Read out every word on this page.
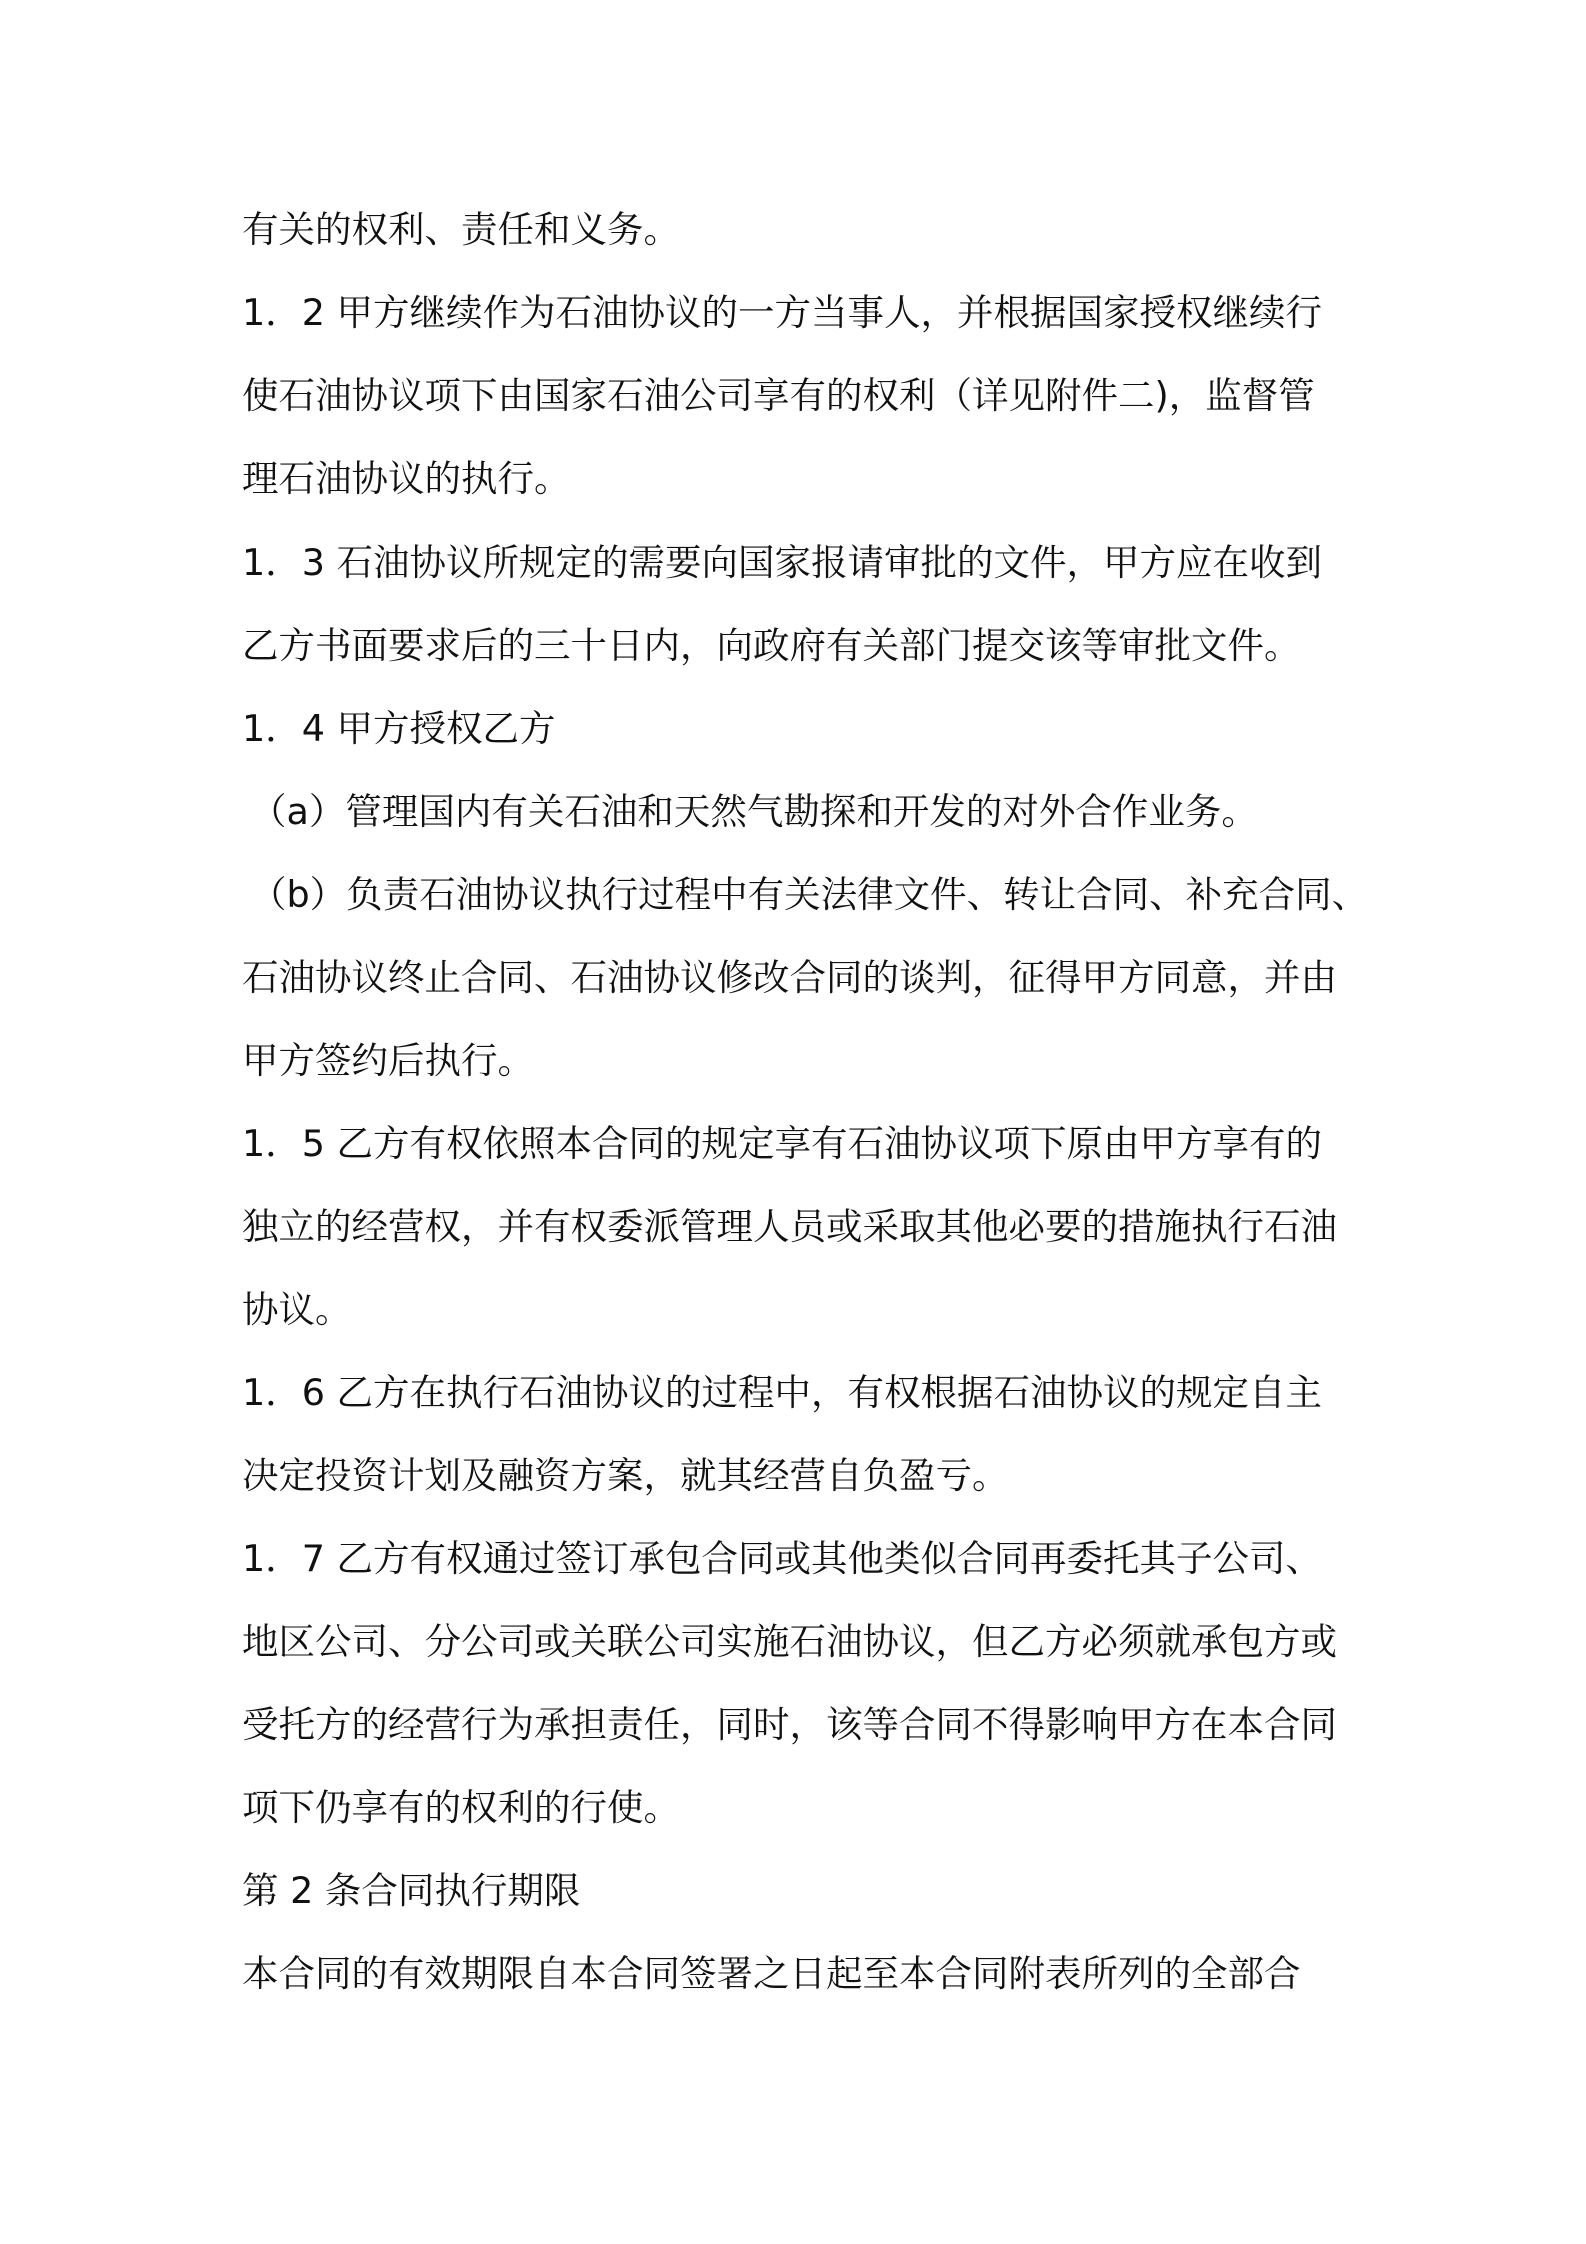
有关的权利、责任和义务。

1．2 甲方继续作为石油协议的一方当事人，并根据国家授权继续行

使石油协议项下由国家石油公司享有的权利（详见附件二)，监督管

理石油协议的执行。

1．3 石油协议所规定的需要向国家报请审批的文件，甲方应在收到

乙方书面要求后的三十日内，向政府有关部门提交该等审批文件。

1．4 甲方授权乙方

（a）管理国内有关石油和天然气勘探和开发的对外合作业务。

（b）负责石油协议执行过程中有关法律文件、转让合同、补充合同、

石油协议终止合同、石油协议修改合同的谈判，征得甲方同意，并由

甲方签约后执行。

1．5 乙方有权依照本合同的规定享有石油协议项下原由甲方享有的

独立的经营权，并有权委派管理人员或采取其他必要的措施执行石油

协议。

1．6 乙方在执行石油协议的过程中，有权根据石油协议的规定自主

决定投资计划及融资方案，就其经营自负盈亏。

1．7 乙方有权通过签订承包合同或其他类似合同再委托其子公司、

地区公司、分公司或关联公司实施石油协议，但乙方必须就承包方或

受托方的经营行为承担责任，同时，该等合同不得影响甲方在本合同

项下仍享有的权利的行使。

第 2 条合同执行期限

本合同的有效期限自本合同签署之日起至本合同附表所列的全部合
